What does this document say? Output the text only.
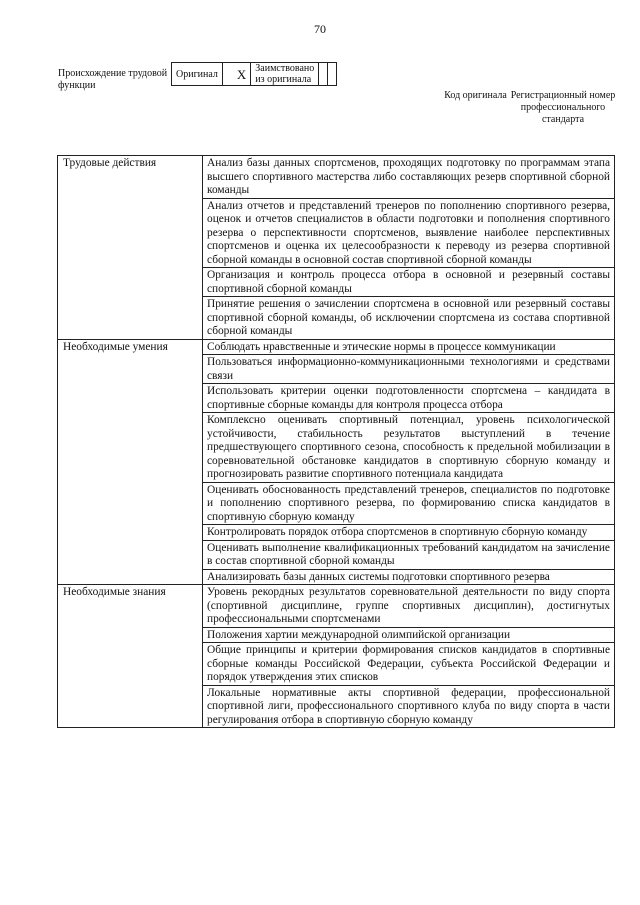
70
Происхождение трудовой функции
Оригинал	X	Заимствовано из оригинала		
Код оригинала Регистрационный номер профессионального стандарта
Трудовые действия	Анализ базы данных спортсменов, проходящих подготовку по программам этапа высшего спортивного мастерства либо составляющих резерв спортивной сборной команды
	Анализ отчетов и представлений тренеров по пополнению спортивного резерва, оценок и отчетов специалистов в области подготовки и пополнения спортивного резерва о перспективности спортсменов, выявление наиболее перспективных спортсменов и оценка их целесообразности к переводу из резерва спортивной сборной команды в основной состав спортивной сборной команды
	Организация и контроль процесса отбора в основной и резервный составы спортивной сборной команды
	Принятие решения о зачислении спортсмена в основной или резервный составы спортивной сборной команды, об исключении спортсмена из состава спортивной сборной команды
Необходимые умения	Соблюдать нравственные и этические нормы в процессе коммуникации
	Пользоваться информационно-коммуникационными технологиями и средствами связи
	Использовать критерии оценки подготовленности спортсмена – кандидата в спортивные сборные команды для контроля процесса отбора
	Комплексно оценивать спортивный потенциал, уровень психологической устойчивости, стабильность результатов выступлений в течение предшествующего спортивного сезона, способность к предельной мобилизации в соревновательной обстановке кандидатов в спортивную сборную команду и прогнозировать развитие спортивного потенциала кандидата
	Оценивать обоснованность представлений тренеров, специалистов по подготовке и пополнению спортивного резерва, по формированию списка кандидатов в спортивную сборную команду
	Контролировать порядок отбора спортсменов в спортивную сборную команду
	Оценивать выполнение квалификационных требований кандидатом на зачисление в состав спортивной сборной команды
	Анализировать базы данных системы подготовки спортивного резерва
Необходимые знания	Уровень рекордных результатов соревновательной деятельности по виду спорта (спортивной дисциплине, группе спортивных дисциплин), достигнутых профессиональными спортсменами
	Положения хартии международной олимпийской организации
	Общие принципы и критерии формирования списков кандидатов в спортивные сборные команды Российской Федерации, субъекта Российской Федерации и порядок утверждения этих списков
	Локальные нормативные акты спортивной федерации, профессиональной спортивной лиги, профессионального спортивного клуба по виду спорта в части регулирования отбора в спортивную сборную команду
